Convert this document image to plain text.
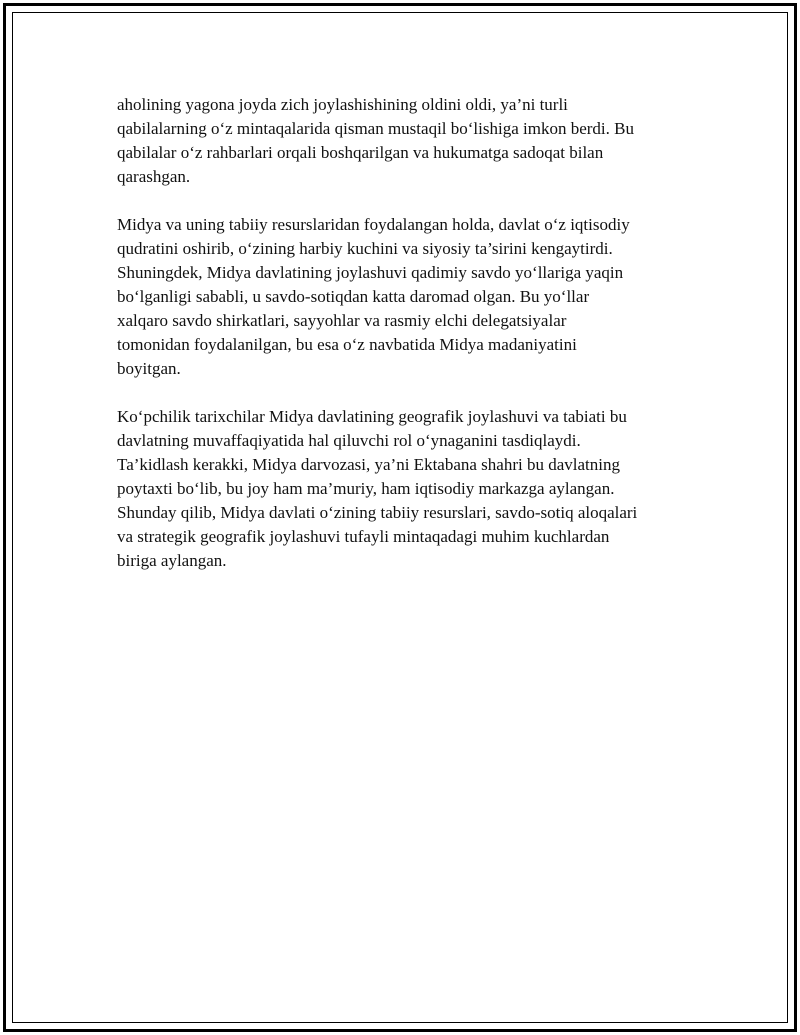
aholining yagona joyda zich joylashishining oldini oldi, ya’ni turli
qabilalarning o‘z mintaqalarida qisman mustaqil bo‘lishiga imkon berdi. Bu
qabilalar o‘z rahbarlari orqali boshqarilgan va hukumatga sadoqat bilan
qarashgan.

Midya va uning tabiiy resurslaridan foydalangan holda, davlat o‘z iqtisodiy
qudratini oshirib, o‘zining harbiy kuchini va siyosiy ta’sirini kengaytirdi.
Shuningdek, Midya davlatining joylashuvi qadimiy savdo yo‘llariga yaqin
bo‘lganligi sababli, u savdo-sotiqdan katta daromad olgan. Bu yo‘llar
xalqaro savdo shirkatlari, sayyohlar va rasmiy elchi delegatsiyalar
tomonidan foydalanilgan, bu esa o‘z navbatida Midya madaniyatini
boyitgan.

Ko‘pchilik tarixchilar Midya davlatining geografik joylashuvi va tabiati bu
davlatning muvaffaqiyatida hal qiluvchi rol o‘ynaganini tasdiqlaydi.
Ta’kidlash kerakki, Midya darvozasi, ya’ni Ektabana shahri bu davlatning
poytaxti bo‘lib, bu joy ham ma’muriy, ham iqtisodiy markazga aylangan.
Shunday qilib, Midya davlati o‘zining tabiiy resurslari, savdo-sotiq aloqalari
va strategik geografik joylashuvi tufayli mintaqadagi muhim kuchlardan
biriga aylangan.
